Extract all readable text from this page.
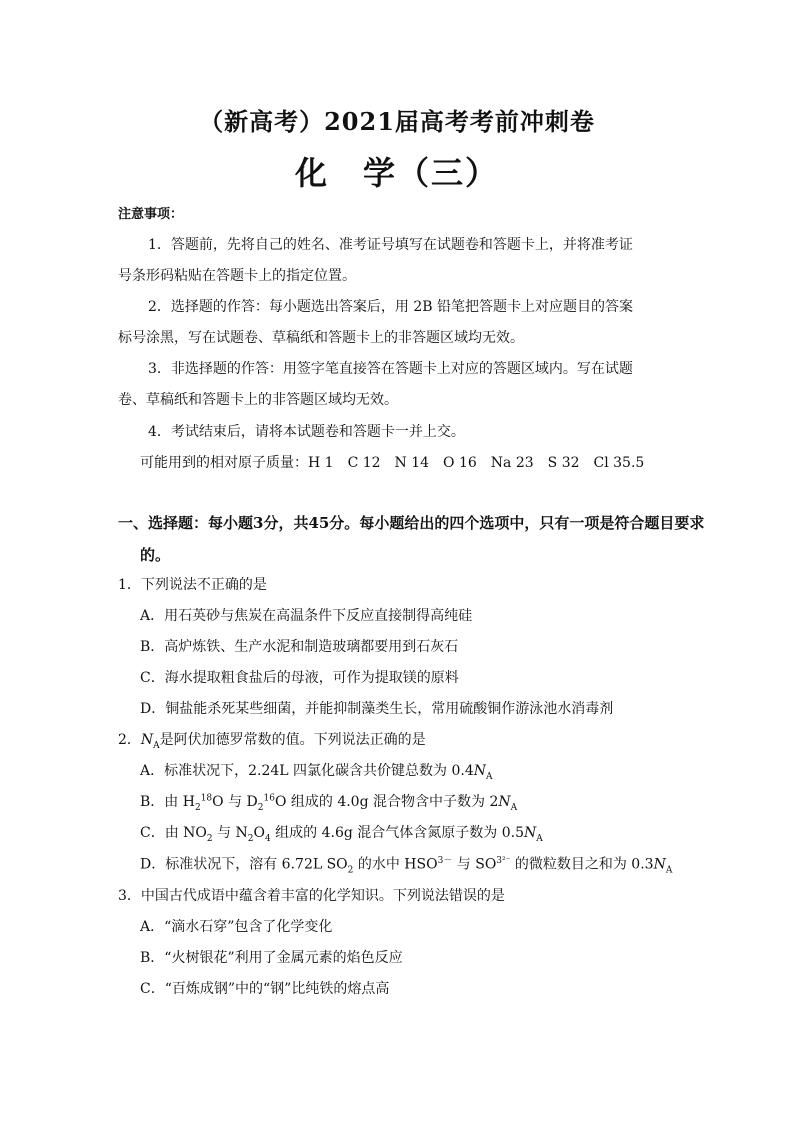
（新高考）2021届高考考前冲刺卷
化 学（三）
注意事项：
1．答题前，先将自己的姓名、准考证号填写在试题卷和答题卡上，并将准考证
号条形码粘贴在答题卡上的指定位置。
2．选择题的作答：每小题选出答案后，用 2B 铅笔把答题卡上对应题目的答案
标号涂黑，写在试题卷、草稿纸和答题卡上的非答题区域均无效。
3．非选择题的作答：用签字笔直接答在答题卡上对应的答题区域内。写在试题
卷、草稿纸和答题卡上的非答题区域均无效。
4．考试结束后，请将本试题卷和答题卡一并上交。
可能用到的相对原子质量：H 1　C 12　N 14　O 16　Na 23　S 32　Cl 35.5
一、选择题：每小题3分，共45分。每小题给出的四个选项中，只有一项是符合题目要求
的。
1．下列说法不正确的是
A．用石英砂与焦炭在高温条件下反应直接制得高纯硅
B．高炉炼铁、生产水泥和制造玻璃都要用到石灰石
C．海水提取粗食盐后的母液，可作为提取镁的原料
D．铜盐能杀死某些细菌，并能抑制藻类生长，常用硫酸铜作游泳池水消毒剂
2．$N_A$是阿伏加德罗常数的值。下列说法正确的是
A．标准状况下，2.24L 四氯化碳含共价键总数为 $0.4N_A$
B．由 $H_2^{18}O$ 与 $D_2^{16}O$ 组成的 4.0g 混合物含中子数为 $2N_A$
C．由 $NO_2$ 与 $N_2O_4$ 组成的 4.6g 混合气体含氮原子数为 $0.5N_A$
D．标准状况下，溶有 6.72L $SO_2$ 的水中 $HSO^{3-}$ 与 $SO^{3^{2-}}$ 的微粒数目之和为 $0.3N_A$
3．中国古代成语中蕴含着丰富的化学知识。下列说法错误的是
A．“滴水石穿”包含了化学变化
B．“火树银花”利用了金属元素的焰色反应
C．“百炼成钢”中的“钢”比纯铁的熔点高
